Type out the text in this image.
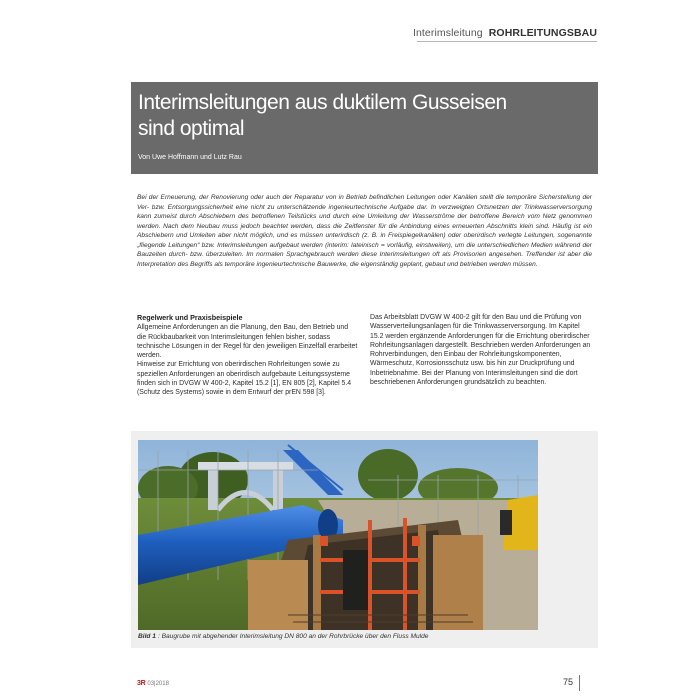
Interimsleitung ROHRLEITUNGSBAU
Interimsleitungen aus duktilem Gusseisen
sind optimal
Von Uwe Hoffmann und Lutz Rau

Bei der Erneuerung, der Renovierung oder auch der Reparatur von in Betrieb befindlichen Leitungen oder Kanälen stellt die temporäre Sicherstellung der Ver- bzw. Entsorgungssicherheit eine nicht zu unterschätzende ingenieurtechnische Aufgabe dar. In verzweigten Ortsnetzen der Trinkwasserversorgung kann zumeist durch Abschiebern des betroffenen Teilstücks und durch eine Umleitung der Wasserströme der betroffene Bereich vom Netz genommen werden. Nach dem Neubau muss jedoch beachtet werden, dass die Zeitfenster für die Anbindung eines erneuerten Abschnitts klein sind. Häufig ist ein Abschiebern und Umleiten aber nicht möglich, und es müssen unterirdisch (z. B. in Freispiegelkanälen) oder oberirdisch verlegte Leitungen, sogenannte „fliegende Leitungen“ bzw. Interimsleitungen aufgebaut werden (interim: lateinisch = vorläufig, einstweilen), um die unterschiedlichen Medien während der Bauzeiten durch- bzw. überzuleiten. Im normalen Sprachgebrauch werden diese Interimsleitungen oft als Provisorien angesehen. Treffender ist aber die Interpretation des Begriffs als temporäre ingenieurtechnische Bauwerke, die eigenständig geplant, gebaut und betrieben werden müssen.

Regelwerk und Praxisbeispiele

Allgemeine Anforderungen an die Planung, den Bau, den Betrieb und die Rückbaubarkeit von Interimsleitungen fehlen bisher, sodass technische Lösungen in der Regel für den jeweiligen Einzelfall erarbeitet werden.

Hinweise zur Errichtung von oberirdischen Rohrleitungen sowie zu speziellen Anforderungen an oberirdisch aufgebaute Leitungssysteme finden sich in DVGW W 400-2, Kapitel 15.2 [1], EN 805 [2], Kapitel 5.4 (Schutz des Systems) sowie in dem Entwurf der prEN 598 [3].

Das Arbeitsblatt DVGW W 400-2 gilt für den Bau und die Prüfung von Wasserverteilungsanlagen für die Trinkwasserversorgung. Im Kapitel 15.2 werden ergänzende Anforderungen für die Errichtung oberirdischer Rohrleitungsanlagen dargestellt. Beschrieben werden Anforderungen an Rohrverbindungen, den Einbau der Rohrleitungskomponenten, Wärmeschutz, Korrosionsschutz usw. bis hin zur Druckprüfung und Inbetriebnahme. Bei der Planung von Interimsleitungen sind die dort beschriebenen Anforderungen grundsätzlich zu beachten.

Bild 1 : Baugrube mit abgehender Interimsleitung DN 800 an der Rohrbrücke über den Fluss Mulde
3R 03|2018	75
